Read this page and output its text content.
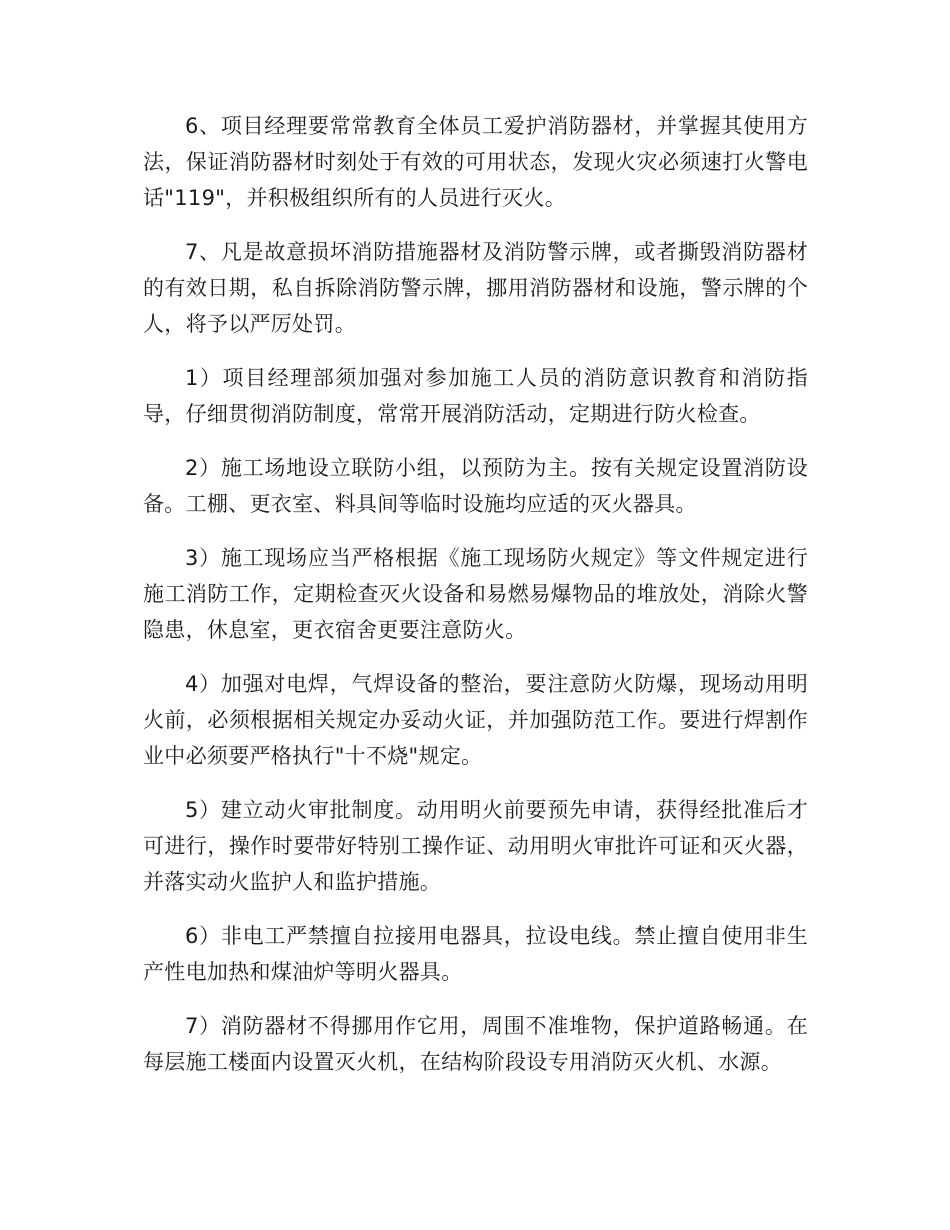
6、项目经理要常常教育全体员工爱护消防器材，并掌握其使用方法，保证消防器材时刻处于有效的可用状态，发现火灾必须速打火警电话"119"，并积极组织所有的人员进行灭火。

7、凡是故意损坏消防措施器材及消防警示牌，或者撕毁消防器材的有效日期，私自拆除消防警示牌，挪用消防器材和设施，警示牌的个人，将予以严厉处罚。

1）项目经理部须加强对参加施工人员的消防意识教育和消防指导，仔细贯彻消防制度，常常开展消防活动，定期进行防火检查。

2）施工场地设立联防小组，以预防为主。按有关规定设置消防设备。工棚、更衣室、料具间等临时设施均应适的灭火器具。

3）施工现场应当严格根据《施工现场防火规定》等文件规定进行施工消防工作，定期检查灭火设备和易燃易爆物品的堆放处，消除火警隐患，休息室，更衣宿舍更要注意防火。

4）加强对电焊，气焊设备的整治，要注意防火防爆，现场动用明火前，必须根据相关规定办妥动火证，并加强防范工作。要进行焊割作业中必须要严格执行"十不烧"规定。

5）建立动火审批制度。动用明火前要预先申请，获得经批准后才可进行，操作时要带好特别工操作证、动用明火审批许可证和灭火器，并落实动火监护人和监护措施。

6）非电工严禁擅自拉接用电器具，拉设电线。禁止擅自使用非生产性电加热和煤油炉等明火器具。

7）消防器材不得挪用作它用，周围不准堆物，保护道路畅通。在每层施工楼面内设置灭火机，在结构阶段设专用消防灭火机、水源。
